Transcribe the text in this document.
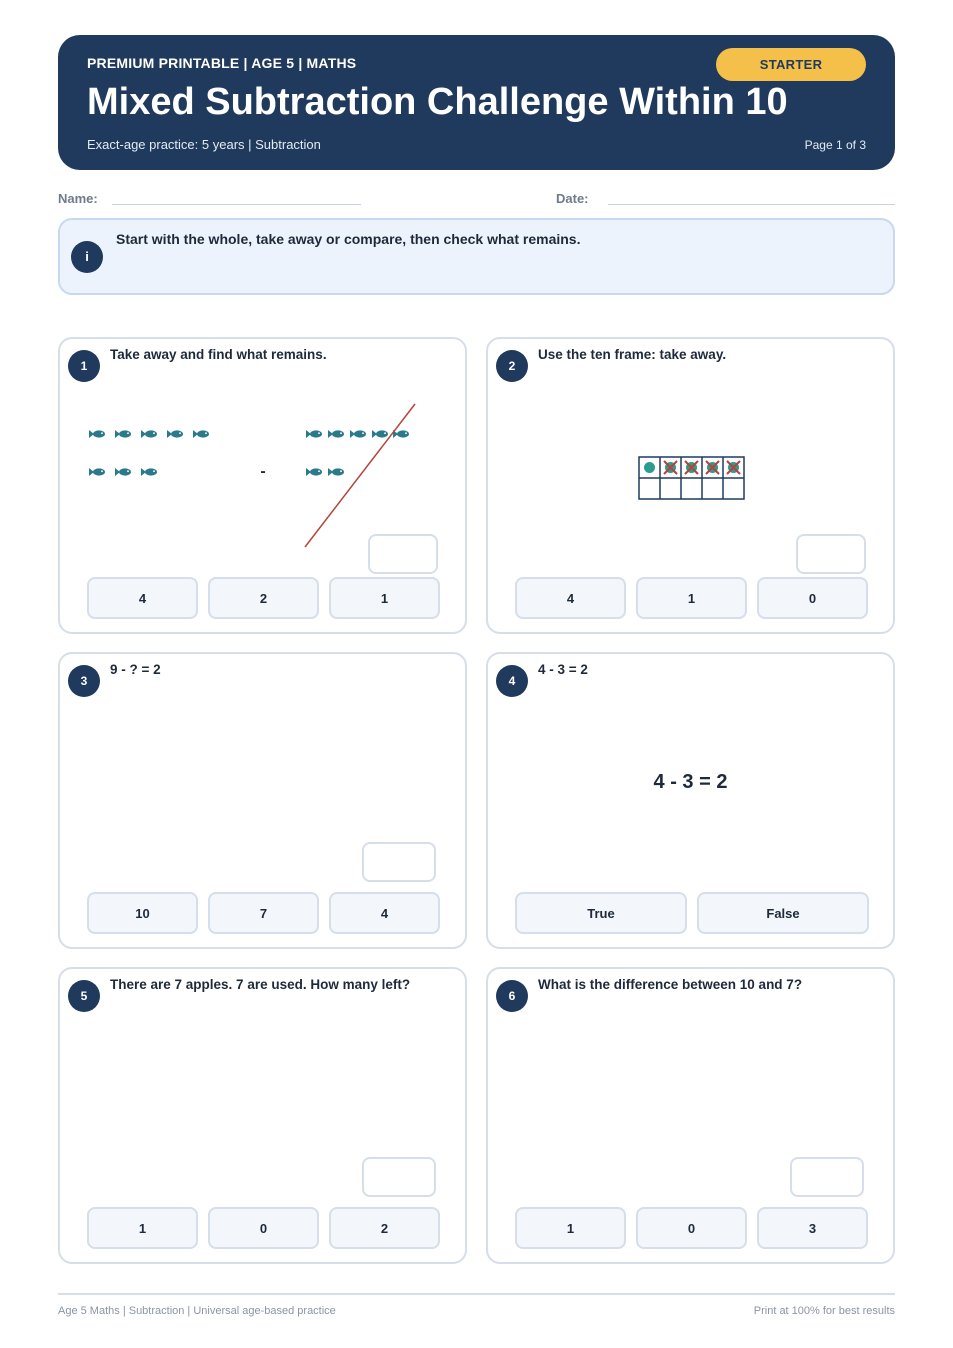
PREMIUM PRINTABLE | AGE 5 | MATHS
Mixed Subtraction Challenge Within 10
Exact-age practice: 5 years | Subtraction	Page 1 of 3
STARTER
Name:	Date:
i
Start with the whole, take away or compare, then check what remains.
1
Take away and find what remains.
-
4	2	1
2
Use the ten frame: take away.
4	1	0
3
9 - ? = 2
10	7	4
4
4 - 3 = 2
4 - 3 = 2
True	False
5
There are 7 apples. 7 are used. How many left?
1	0	2
6
What is the difference between 10 and 7?
1	0	3
Age 5 Maths | Subtraction | Universal age-based practice	Print at 100% for best results
